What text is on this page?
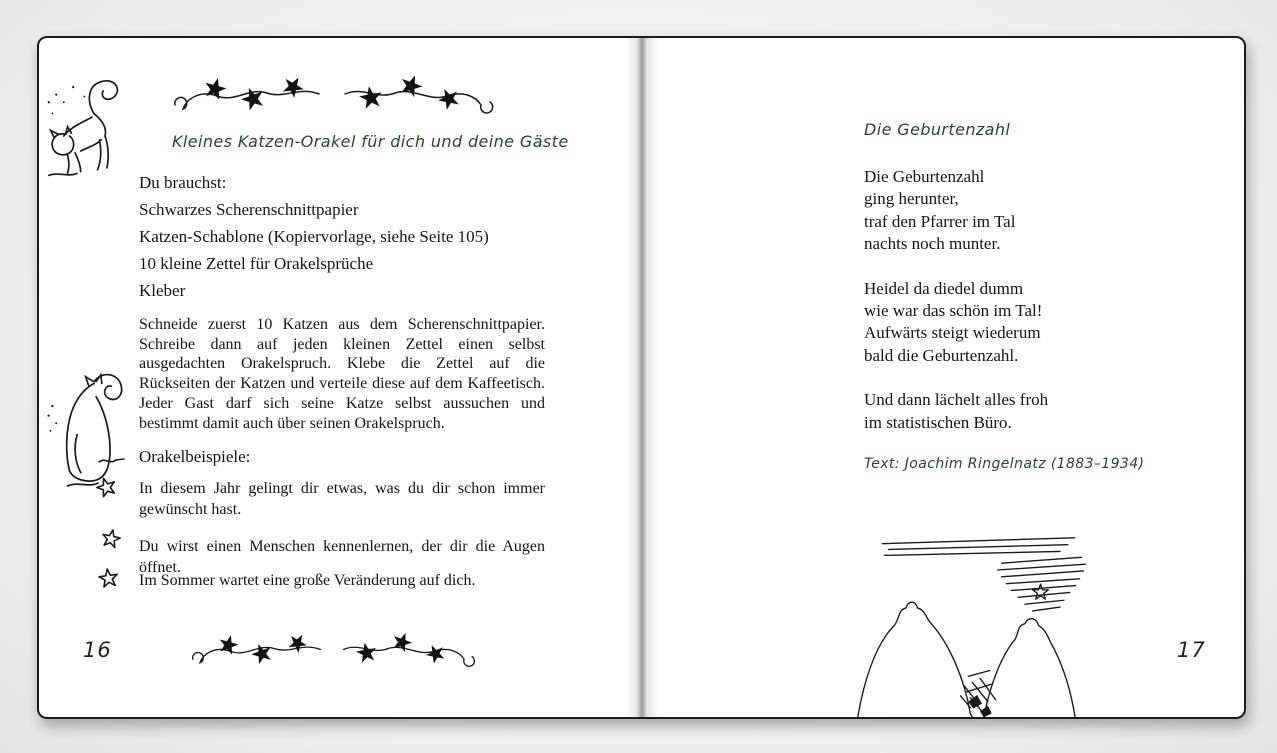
Kleines Katzen-Orakel für dich und deine Gäste
Du brauchst:
Schwarzes Scherenschnittpapier
Katzen-Schablone (Kopiervorlage, siehe Seite 105)
10 kleine Zettel für Orakelsprüche
Kleber

Schneide zuerst 10 Katzen aus dem Scherenschnittpapier. Schreibe dann auf jeden kleinen Zettel einen selbst ausgedachten Orakelspruch. Klebe die Zettel auf die Rückseiten der Katzen und verteile diese auf dem Kaffeetisch. Jeder Gast darf sich seine Katze selbst aussuchen und bestimmt damit auch über seinen Orakelspruch.

Orakelbeispiele:

In diesem Jahr gelingt dir etwas, was du dir schon immer gewünscht hast.

Du wirst einen Menschen kennenlernen, der dir die Augen öffnet.

Im Sommer wartet eine große Veränderung auf dich.

16
Die Geburtenzahl
Die Geburtenzahl
ging herunter,
traf den Pfarrer im Tal
nachts noch munter.
Heidel da diedel dumm
wie war das schön im Tal!
Aufwärts steigt wiederum
bald die Geburtenzahl.
Und dann lächelt alles froh
im statistischen Büro.
Text: Joachim Ringelnatz (1883–1934)
17
